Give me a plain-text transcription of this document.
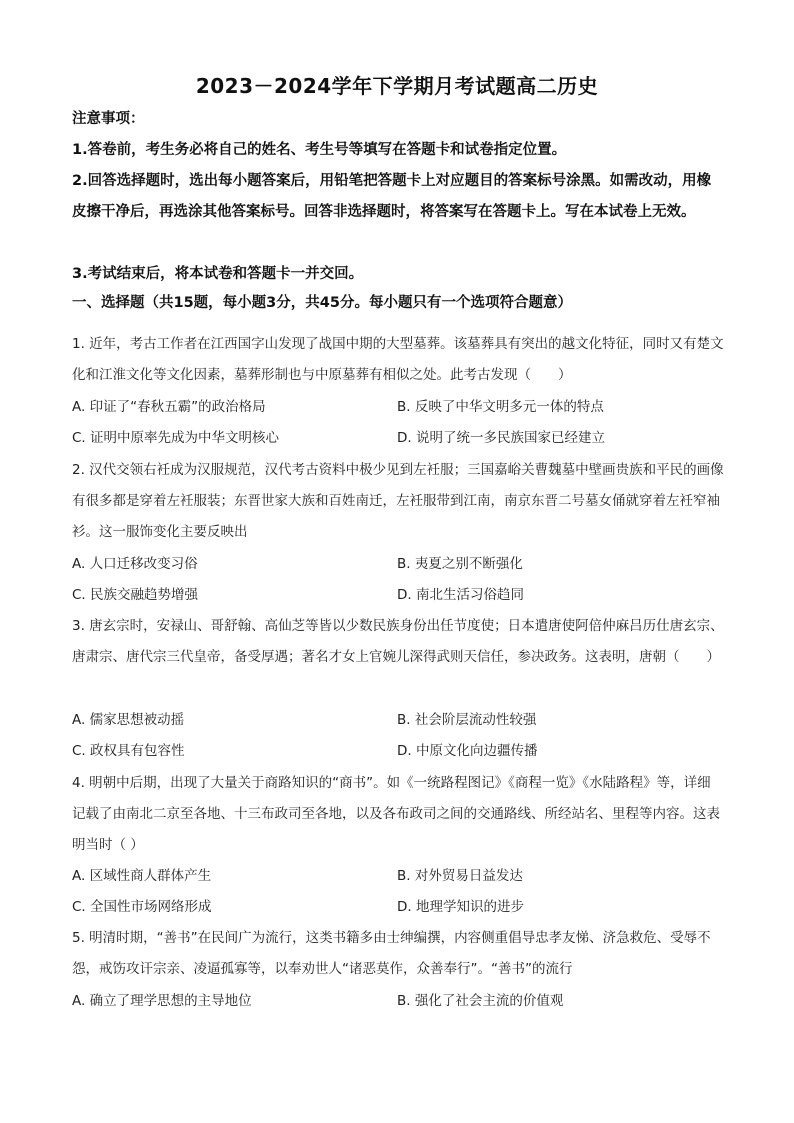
2023－2024学年下学期月考试题高二历史
注意事项：
1.答卷前，考生务必将自己的姓名、考生号等填写在答题卡和试卷指定位置。
2.回答选择题时，选出每小题答案后，用铅笔把答题卡上对应题目的答案标号涂黑。如需改动，用橡皮擦干净后，再选涂其他答案标号。回答非选择题时，将答案写在答题卡上。写在本试卷上无效。
3.考试结束后，将本试卷和答题卡一并交回。
一、选择题（共15题，每小题3分，共45分。每小题只有一个选项符合题意）
1. 近年，考古工作者在江西国字山发现了战国中期的大型墓葬。该墓葬具有突出的越文化特征，同时又有楚文化和江淮文化等文化因素，墓葬形制也与中原墓葬有相似之处。此考古发现（　　）
A. 印证了“春秋五霸”的政治格局	B. 反映了中华文明多元一体的特点
C. 证明中原率先成为中华文明核心	D. 说明了统一多民族国家已经建立
2. 汉代交领右衽成为汉服规范，汉代考古资料中极少见到左衽服；三国嘉峪关曹魏墓中壁画贵族和平民的画像有很多都是穿着左衽服装；东晋世家大族和百姓南迁，左衽服带到江南，南京东晋二号墓女俑就穿着左衽窄袖衫。这一服饰变化主要反映出
A. 人口迁移改变习俗	B. 夷夏之别不断强化
C. 民族交融趋势增强	D. 南北生活习俗趋同
3. 唐玄宗时，安禄山、哥舒翰、高仙芝等皆以少数民族身份出任节度使；日本遣唐使阿倍仲麻吕历仕唐玄宗、唐肃宗、唐代宗三代皇帝，备受厚遇；著名才女上官婉儿深得武则天信任，参决政务。这表明，唐朝（　　）
A. 儒家思想被动摇	B. 社会阶层流动性较强
C. 政权具有包容性	D. 中原文化向边疆传播
4. 明朝中后期，出现了大量关于商路知识的“商书”。如《一统路程图记》《商程一览》《水陆路程》等，详细记载了由南北二京至各地、十三布政司至各地，以及各布政司之间的交通路线、所经站名、里程等内容。这表明当时（ ）
A. 区域性商人群体产生	B. 对外贸易日益发达
C. 全国性市场网络形成	D. 地理学知识的进步
5. 明清时期，“善书”在民间广为流行，这类书籍多由士绅编撰，内容侧重倡导忠孝友悌、济急救危、受辱不怨，戒饬攻讦宗亲、凌逼孤寡等，以奉劝世人“诸恶莫作，众善奉行”。“善书”的流行
A. 确立了理学思想的主导地位	B. 强化了社会主流的价值观
